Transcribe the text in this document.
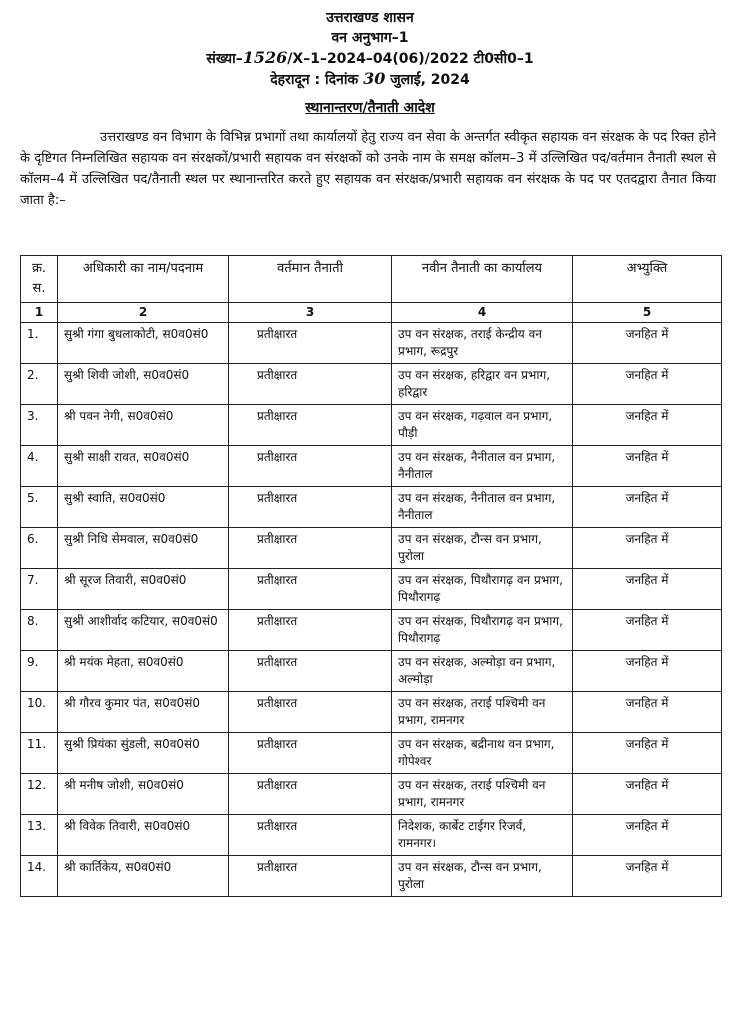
उत्तराखण्ड शासन
वन अनुभाग–1
संख्या–1526/X–1–2024–04(06)/2022 टी0सी0–1
देहरादून : दिनांक 30 जुलाई, 2024
स्थानान्तरण/तैनाती आदेश

उत्तराखण्ड वन विभाग के विभिन्न प्रभागों तथा कार्यालयों हेतु राज्य वन सेवा के अन्तर्गत स्वीकृत सहायक वन संरक्षक के पद रिक्त होने के दृष्टिगत निम्नलिखित सहायक वन संरक्षकों/प्रभारी सहायक वन संरक्षकों को उनके नाम के समक्ष कॉलम–3 में उल्लिखित पद/वर्तमान तैनाती स्थल से कॉलम–4 में उल्लिखित पद/तैनाती स्थल पर स्थानान्तरित करते हुए सहायक वन संरक्षक/प्रभारी सहायक वन संरक्षक के पद पर एतदद्वारा तैनात किया जाता है:–

क्र. स.	अधिकारी का नाम/पदनाम	वर्तमान तैनाती	नवीन तैनाती का कार्यालय	अभ्युक्ति
1	2	3	4	5
1.	सुश्री गंगा बुधलाकोटी, स0व0सं0	प्रतीक्षारत	उप वन संरक्षक, तराई केन्द्रीय वन प्रभाग, रूद्रपुर	जनहित में
2.	सुश्री शिवी जोशी, स0व0सं0	प्रतीक्षारत	उप वन संरक्षक, हरिद्वार वन प्रभाग, हरिद्वार	जनहित में
3.	श्री पवन नेगी, स0व0सं0	प्रतीक्षारत	उप वन संरक्षक, गढ़वाल वन प्रभाग, पौड़ी	जनहित में
4.	सुश्री साक्षी रावत, स0व0सं0	प्रतीक्षारत	उप वन संरक्षक, नैनीताल वन प्रभाग, नैनीताल	जनहित में
5.	सुश्री स्वाति, स0व0सं0	प्रतीक्षारत	उप वन संरक्षक, नैनीताल वन प्रभाग, नैनीताल	जनहित में
6.	सुश्री निधि सेमवाल, स0व0सं0	प्रतीक्षारत	उप वन संरक्षक, टौन्स वन प्रभाग, पुरोला	जनहित में
7.	श्री सूरज तिवारी, स0व0सं0	प्रतीक्षारत	उप वन संरक्षक, पिथौरागढ़ वन प्रभाग, पिथौरागढ़	जनहित में
8.	सुश्री आशीर्वाद कटियार, स0व0सं0	प्रतीक्षारत	उप वन संरक्षक, पिथौरागढ़ वन प्रभाग, पिथौरागढ़	जनहित में
9.	श्री मयंक मेहता, स0व0सं0	प्रतीक्षारत	उप वन संरक्षक, अल्मोड़ा वन प्रभाग, अल्मोड़ा	जनहित में
10.	श्री गौरव कुमार पंत, स0व0सं0	प्रतीक्षारत	उप वन संरक्षक, तराई पश्चिमी वन प्रभाग, रामनगर	जनहित में
11.	सुश्री प्रियंका सुंडली, स0व0सं0	प्रतीक्षारत	उप वन संरक्षक, बद्रीनाथ वन प्रभाग, गोपेश्वर	जनहित में
12.	श्री मनीष जोशी, स0व0सं0	प्रतीक्षारत	उप वन संरक्षक, तराई पश्चिमी वन प्रभाग, रामनगर	जनहित में
13.	श्री विवेक तिवारी, स0व0सं0	प्रतीक्षारत	निदेशक, कार्बेट टाईगर रिजर्व, रामनगर।	जनहित में
14.	श्री कार्तिकेय, स0व0सं0	प्रतीक्षारत	उप वन संरक्षक, टौन्स वन प्रभाग, पुरोला	जनहित में
